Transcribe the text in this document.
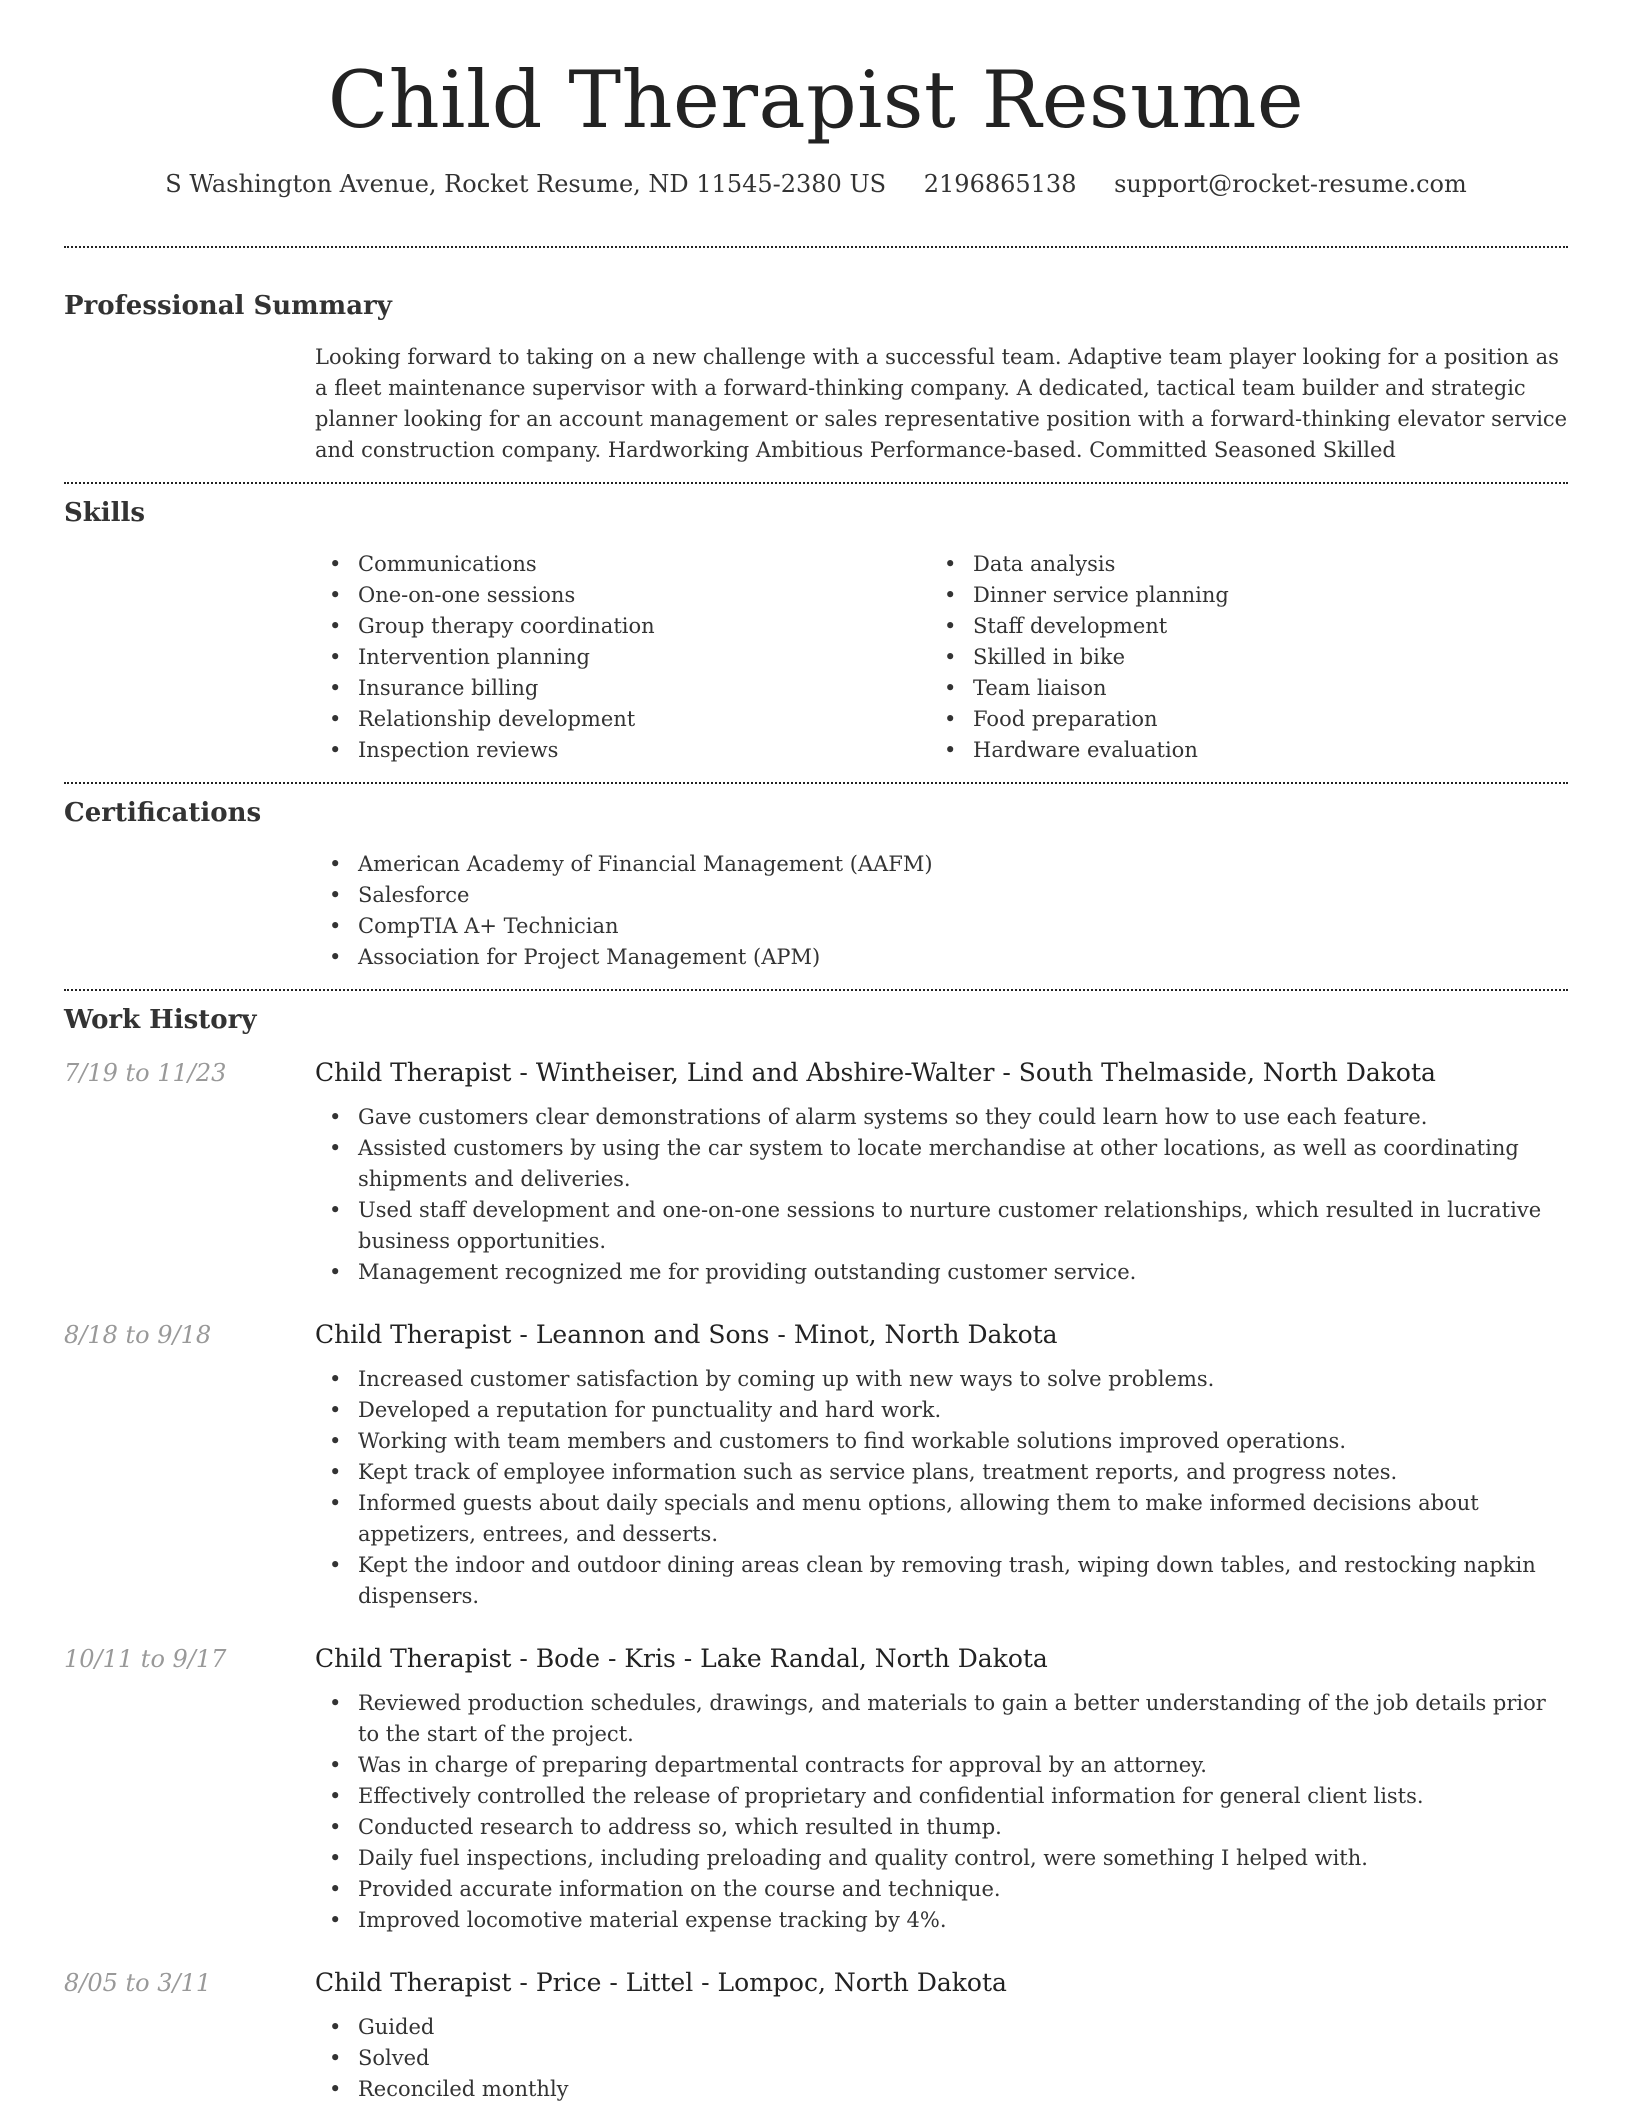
Child Therapist Resume
S Washington Avenue, Rocket Resume, ND 11545-2380 US 2196865138 support@rocket-resume.com
Professional Summary

Looking forward to taking on a new challenge with a successful team. Adaptive team player looking for a position as a fleet maintenance supervisor with a forward-thinking company. A dedicated, tactical team builder and strategic planner looking for an account management or sales representative position with a forward-thinking elevator service and construction company. Hardworking Ambitious Performance-based. Committed Seasoned Skilled

Skills
• Communications
• One-on-one sessions
• Group therapy coordination
• Intervention planning
• Insurance billing
• Relationship development
• Inspection reviews
• Data analysis
• Dinner service planning
• Staff development
• Skilled in bike
• Team liaison
• Food preparation
• Hardware evaluation
Certifications
• American Academy of Financial Management (AAFM)
• Salesforce
• CompTIA A+ Technician
• Association for Project Management (APM)
Work History
7/19 to 11/23	Child Therapist - Wintheiser, Lind and Abshire-Walter - South Thelmaside, North Dakota
• Gave customers clear demonstrations of alarm systems so they could learn how to use each feature.
• Assisted customers by using the car system to locate merchandise at other locations, as well as coordinating shipments and deliveries.
• Used staff development and one-on-one sessions to nurture customer relationships, which resulted in lucrative business opportunities.
• Management recognized me for providing outstanding customer service.
8/18 to 9/18	Child Therapist - Leannon and Sons - Minot, North Dakota
• Increased customer satisfaction by coming up with new ways to solve problems.
• Developed a reputation for punctuality and hard work.
• Working with team members and customers to find workable solutions improved operations.
• Kept track of employee information such as service plans, treatment reports, and progress notes.
• Informed guests about daily specials and menu options, allowing them to make informed decisions about appetizers, entrees, and desserts.
• Kept the indoor and outdoor dining areas clean by removing trash, wiping down tables, and restocking napkin dispensers.
10/11 to 9/17	Child Therapist - Bode - Kris - Lake Randal, North Dakota
• Reviewed production schedules, drawings, and materials to gain a better understanding of the job details prior to the start of the project.
• Was in charge of preparing departmental contracts for approval by an attorney.
• Effectively controlled the release of proprietary and confidential information for general client lists.
• Conducted research to address so, which resulted in thump.
• Daily fuel inspections, including preloading and quality control, were something I helped with.
• Provided accurate information on the course and technique.
• Improved locomotive material expense tracking by 4%.
8/05 to 3/11	Child Therapist - Price - Littel - Lompoc, North Dakota
• Guided
• Solved
• Reconciled monthly
